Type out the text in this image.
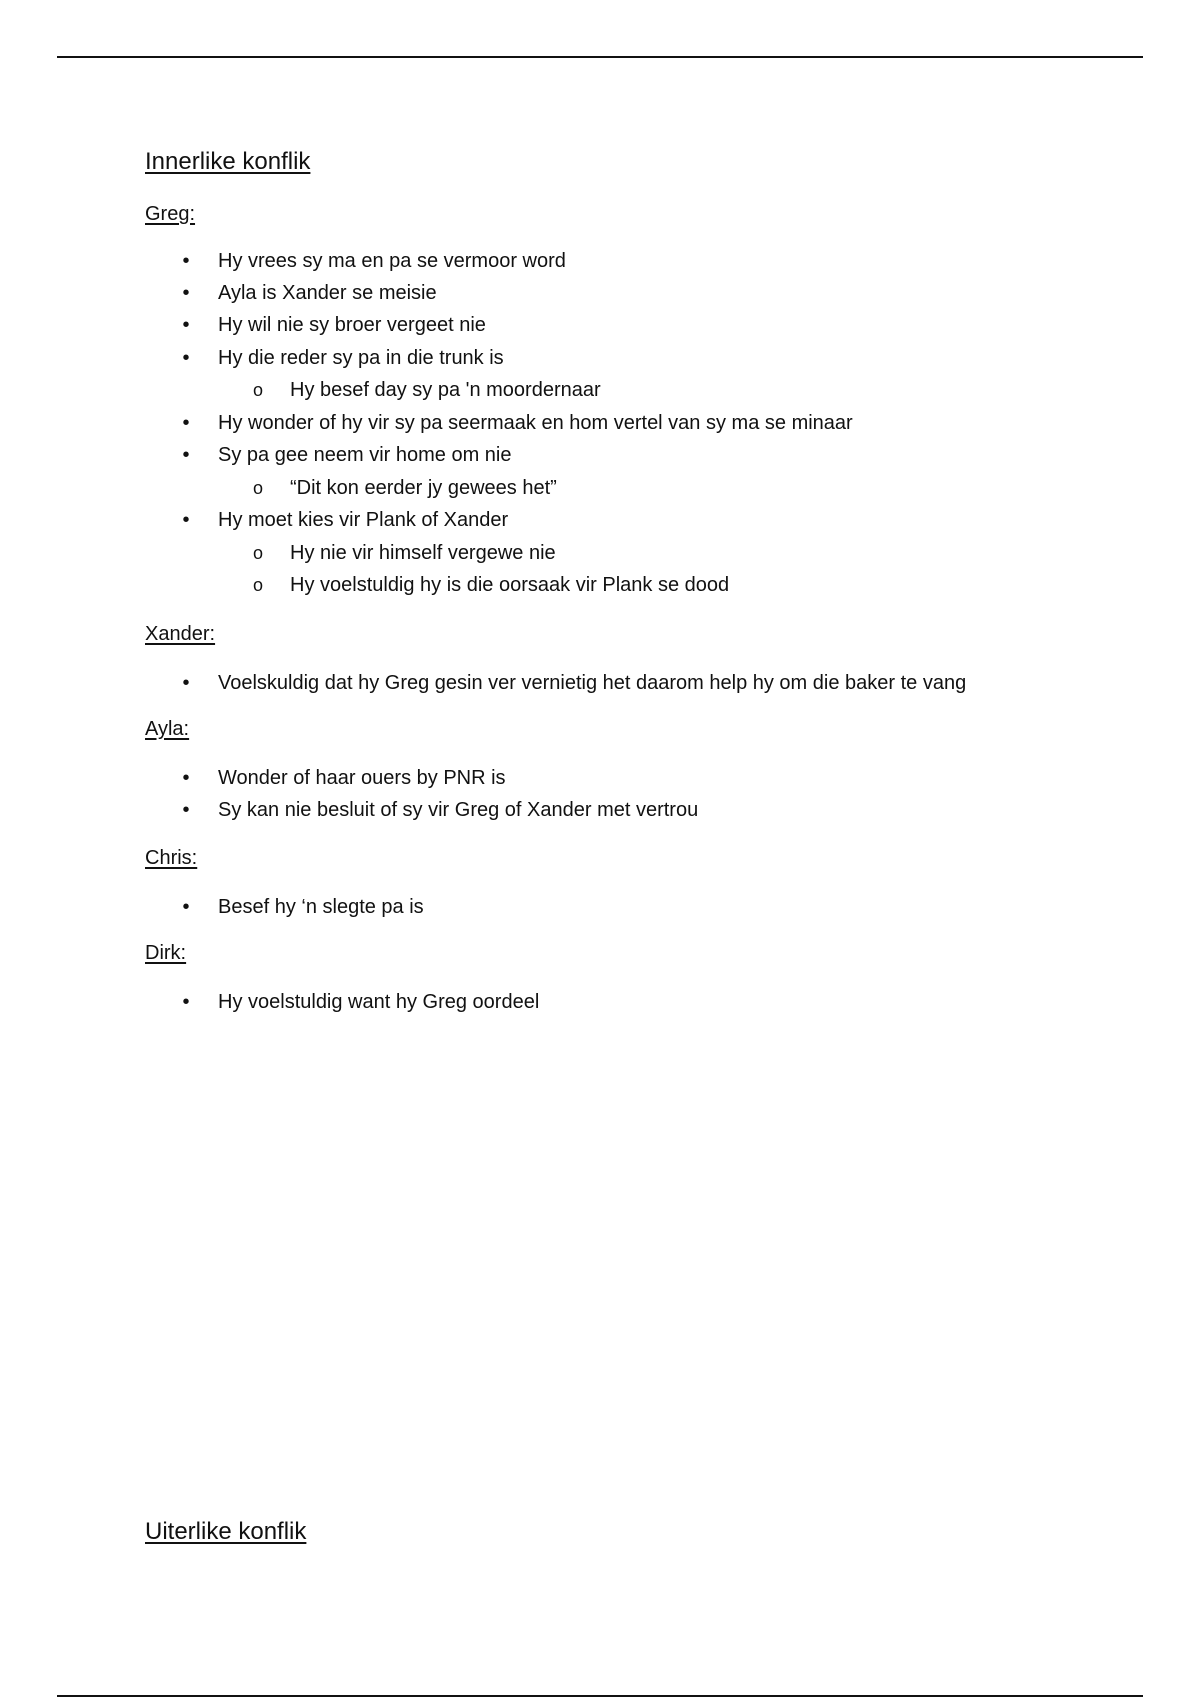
Innerlike konflik
Greg:
•	Hy vrees sy ma en pa se vermoor word
•	Ayla is Xander se meisie
•	Hy wil nie sy broer vergeet nie
•	Hy die reder sy pa in die trunk is
o	Hy besef day sy pa 'n moordernaar
•	Hy wonder of hy vir sy pa seermaak en hom vertel van sy ma se minaar
•	Sy pa gee neem vir home om nie
o	“Dit kon eerder jy gewees het”
•	Hy moet kies vir Plank of Xander
o	Hy nie vir himself vergewe nie
o	Hy voelstuldig hy is die oorsaak vir Plank se dood
Xander:
•	Voelskuldig dat hy Greg gesin ver vernietig het daarom help hy om die baker te vang
Ayla:
•	Wonder of haar ouers by PNR is
•	Sy kan nie besluit of sy vir Greg of Xander met vertrou
Chris:
•	Besef hy ‘n slegte pa is
Dirk:
•	Hy voelstuldig want hy Greg oordeel
Uiterlike konflik
